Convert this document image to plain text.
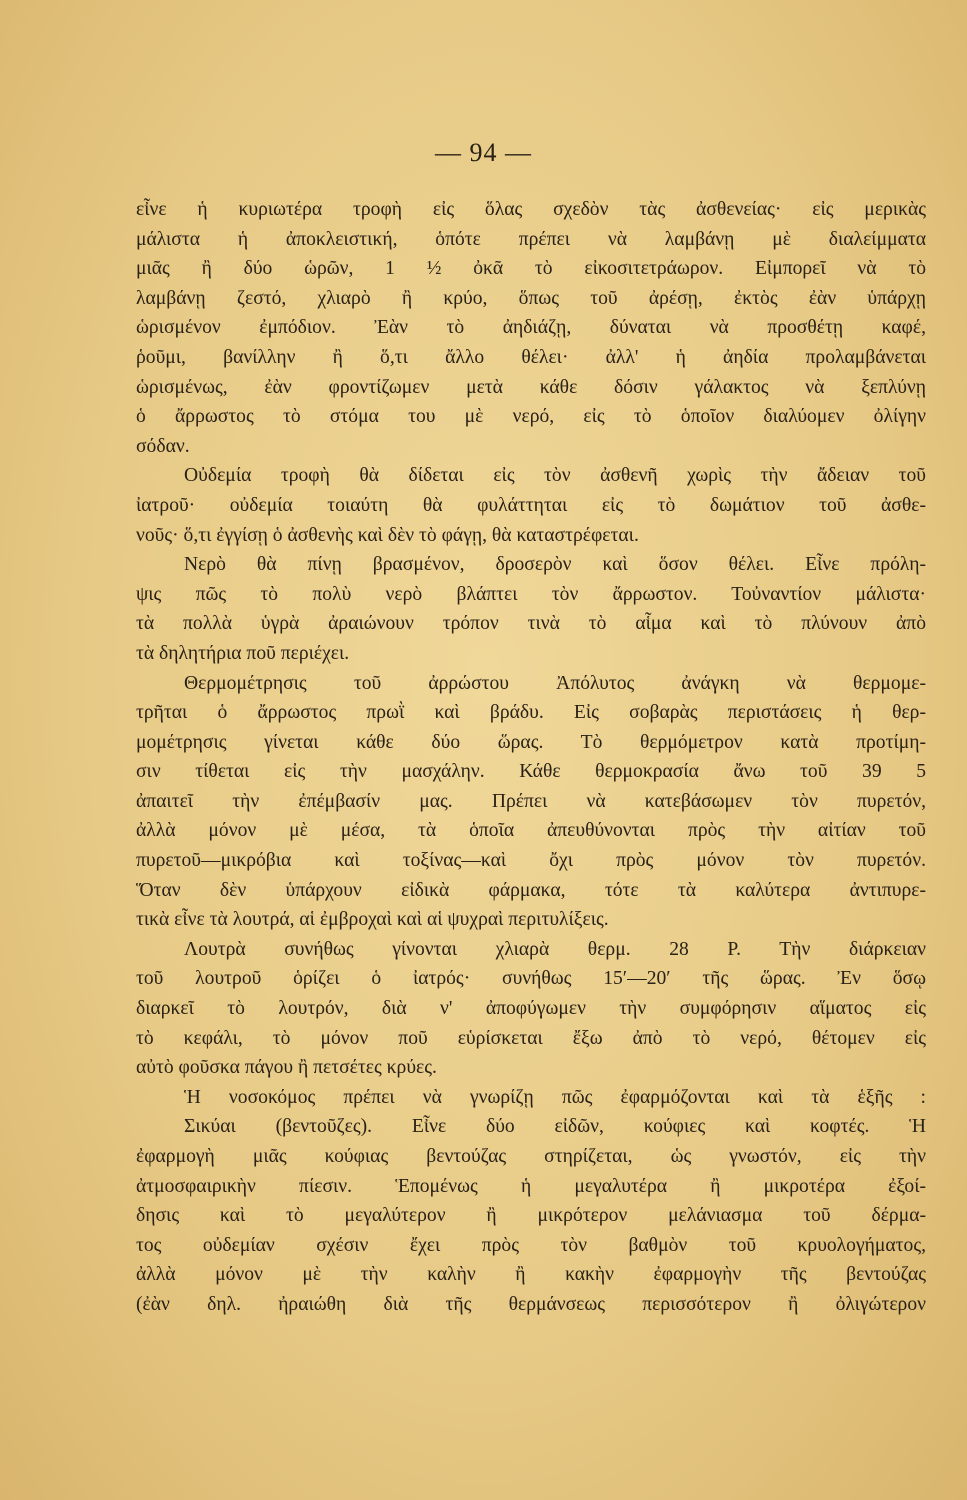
— 94 —
εἶνε ἡ κυριωτέρα τροφὴ εἰς ὅλας σχεδὸν τὰς ἀσθενείας· εἰς μερικὰς
μάλιστα ἡ ἀποκλειστική, ὁπότε πρέπει νὰ λαμβάνῃ μὲ διαλείμματα
μιᾶς ἢ δύο ὡρῶν, 1 ½ ὀκᾶ τὸ εἰκοσιτετράωρον. Εἰμπορεῖ νὰ τὸ
λαμβάνῃ ζεστό, χλιαρὸ ἢ κρύο, ὅπως τοῦ ἀρέσῃ, ἐκτὸς ἐὰν ὑπάρχῃ
ὡρισμένον ἐμπόδιον. Ἐὰν τὸ ἀηδιάζῃ, δύναται νὰ προσθέτῃ καφέ,
ῥοῦμι, βανίλλην ἢ ὅ,τι ἄλλο θέλει· ἀλλ' ἡ ἀηδία προλαμβάνεται
ὡρισμένως, ἐὰν φροντίζωμεν μετὰ κάθε δόσιν γάλακτος νὰ ξεπλύνῃ
ὁ ἄρρωστος τὸ στόμα του μὲ νερό, εἰς τὸ ὁποῖον διαλύομεν ὀλίγην
σόδαν.
Οὐδεμία τροφὴ θὰ δίδεται εἰς τὸν ἀσθενῆ χωρὶς τὴν ἄδειαν τοῦ
ἰατροῦ· οὐδεμία τοιαύτη θὰ φυλάττηται εἰς τὸ δωμάτιον τοῦ ἀσθε-
νοῦς· ὅ,τι ἐγγίσῃ ὁ ἀσθενὴς καὶ δὲν τὸ φάγῃ, θὰ καταστρέφεται.
Νερὸ θὰ πίνῃ βρασμένον, δροσερὸν καὶ ὅσον θέλει. Εἶνε πρόλη-
ψις πῶς τὸ πολὺ νερὸ βλάπτει τὸν ἄρρωστον. Τοὐναντίον μάλιστα·
τὰ πολλὰ ὑγρὰ ἀραιώνουν τρόπον τινὰ τὸ αἷμα καὶ τὸ πλύνουν ἀπὸ
τὰ δηλητήρια ποῦ περιέχει.
Θερμομέτρησις τοῦ ἀρρώστου Ἀπόλυτος ἀνάγκη νὰ θερμομε-
τρῆται ὁ ἄρρωστος πρωῒ καὶ βράδυ. Εἰς σοβαρὰς περιστάσεις ἡ θερ-
μομέτρησις γίνεται κάθε δύο ὥρας. Τὸ θερμόμετρον κατὰ προτίμη-
σιν τίθεται εἰς τὴν μασχάλην. Κάθε θερμοκρασία ἄνω τοῦ 39 5
ἀπαιτεῖ τὴν ἐπέμβασίν μας. Πρέπει νὰ κατεβάσωμεν τὸν πυρετόν,
ἀλλὰ μόνον μὲ μέσα, τὰ ὁποῖα ἀπευθύνονται πρὸς τὴν αἰτίαν τοῦ
πυρετοῦ—μικρόβια καὶ τοξίνας—καὶ ὄχι πρὸς μόνον τὸν πυρετόν.
Ὅταν δὲν ὑπάρχουν εἰδικὰ φάρμακα, τότε τὰ καλύτερα ἀντιπυρε-
τικὰ εἶνε τὰ λουτρά, αἱ ἐμβροχαὶ καὶ αἱ ψυχραὶ περιτυλίξεις.
Λουτρὰ συνήθως γίνονται χλιαρὰ θερμ. 28 Ρ. Τὴν διάρκειαν
τοῦ λουτροῦ ὁρίζει ὁ ἰατρός· συνήθως 15′—20′ τῆς ὥρας. Ἐν ὅσῳ
διαρκεῖ τὸ λουτρόν, διὰ ν' ἀποφύγωμεν τὴν συμφόρησιν αἵματος εἰς
τὸ κεφάλι, τὸ μόνον ποῦ εὑρίσκεται ἔξω ἀπὸ τὸ νερό, θέτομεν εἰς
αὐτὸ φοῦσκα πάγου ἢ πετσέτες κρύες.
Ἡ νοσοκόμος πρέπει νὰ γνωρίζῃ πῶς ἐφαρμόζονται καὶ τὰ ἑξῆς :
Σικύαι (βεντοῦζες). Εἶνε δύο εἰδῶν, κούφιες καὶ κοφτές. Ἡ
ἐφαρμογὴ μιᾶς κούφιας βεντούζας στηρίζεται, ὡς γνωστόν, εἰς τὴν
ἀτμοσφαιρικὴν πίεσιν. Ἑπομένως ἡ μεγαλυτέρα ἢ μικροτέρα ἐξοί-
δησις καὶ τὸ μεγαλύτερον ἢ μικρότερον μελάνιασμα τοῦ δέρμα-
τος οὐδεμίαν σχέσιν ἔχει πρὸς τὸν βαθμὸν τοῦ κρυολογήματος,
ἀλλὰ μόνον μὲ τὴν καλὴν ἢ κακὴν ἐφαρμογὴν τῆς βεντούζας
(ἐὰν δηλ. ἠραιώθη διὰ τῆς θερμάνσεως περισσότερον ἢ ὀλιγώτερον
